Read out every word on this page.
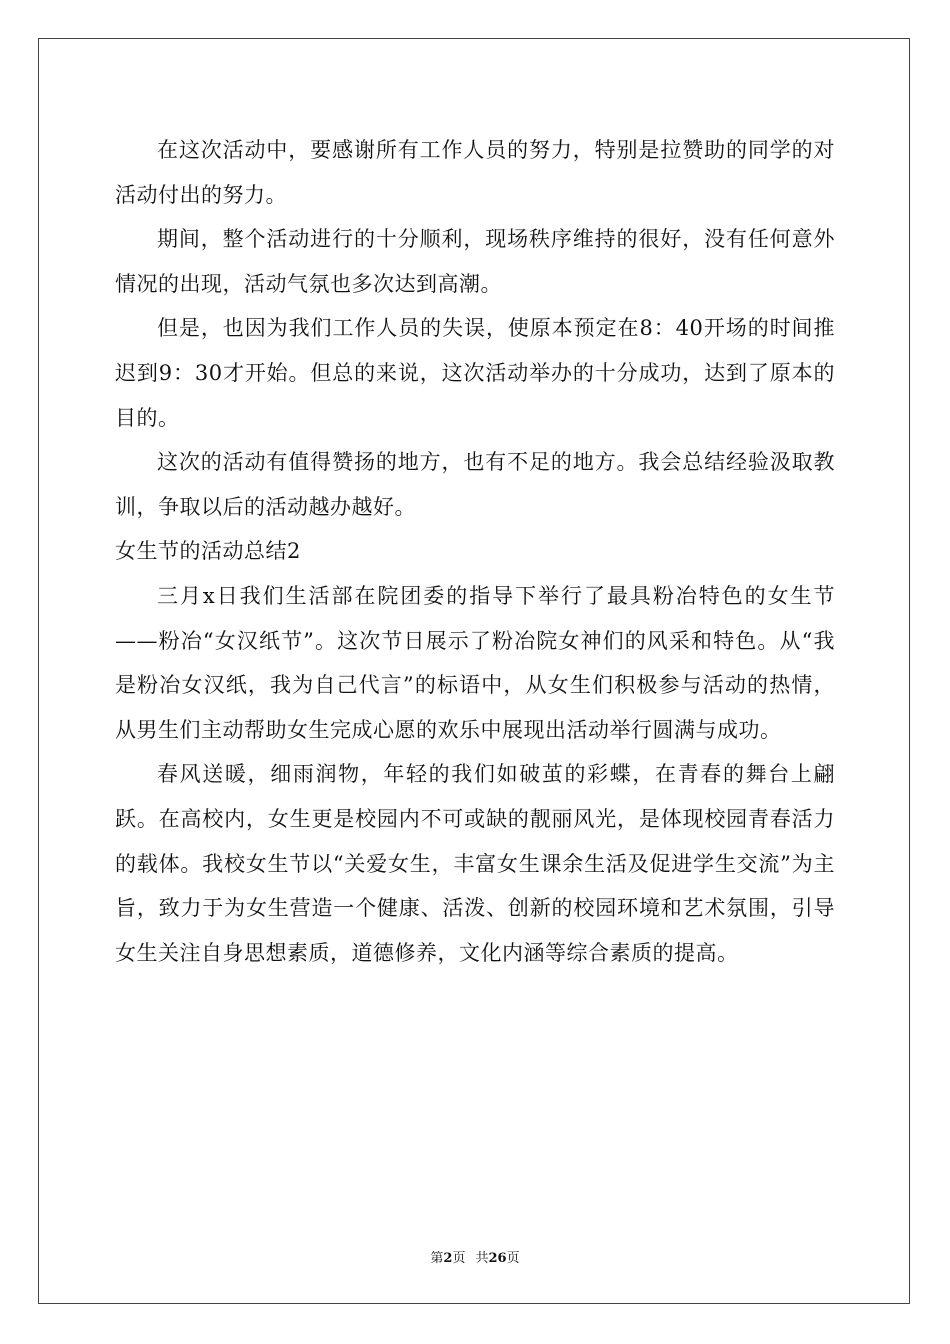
在这次活动中，要感谢所有工作人员的努力，特别是拉赞助的同学的对活动付出的努力。

期间，整个活动进行的十分顺利，现场秩序维持的很好，没有任何意外情况的出现，活动气氛也多次达到高潮。

但是，也因为我们工作人员的失误，使原本预定在8：40开场的时间推迟到9：30才开始。但总的来说，这次活动举办的十分成功，达到了原本的目的。

这次的活动有值得赞扬的地方，也有不足的地方。我会总结经验汲取教训，争取以后的活动越办越好。

女生节的活动总结2

三月x日我们生活部在院团委的指导下举行了最具粉冶特色的女生节——粉冶“女汉纸节”。这次节日展示了粉冶院女神们的风采和特色。从“我是粉冶女汉纸，我为自己代言”的标语中，从女生们积极参与活动的热情，从男生们主动帮助女生完成心愿的欢乐中展现出活动举行圆满与成功。

春风送暖，细雨润物，年轻的我们如破茧的彩蝶，在青春的舞台上翩跃。在高校内，女生更是校园内不可或缺的靓丽风光，是体现校园青春活力的载体。我校女生节以“关爱女生，丰富女生课余生活及促进学生交流”为主旨，致力于为女生营造一个健康、活泼、创新的校园环境和艺术氛围，引导女生关注自身思想素质，道德修养，文化内涵等综合素质的提高。

第2页 共26页
